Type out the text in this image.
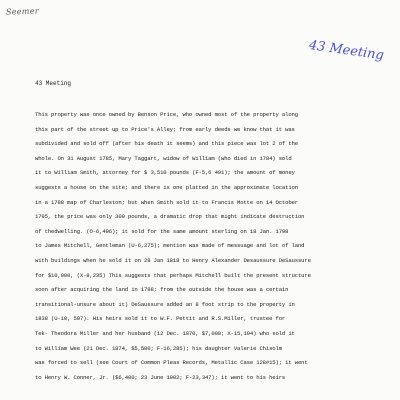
Seemer
43 Meeting
43 Meeting
This property was once owned by Benson Price, who owned most of the property along
this part of the street up to Price's Alley; from early deeds we know that it was
subdivided and sold off (after his death it seems) and this piece was lot 2 of the
whole. On 31 August 1785, Mary Taggart, widow of William (who died in 1784) sold
it to William Smith, attorney for $ 3,510 pounds (F-5,6 491); the amount of money
suggests a house on the site; and there is one platted in the approximate location
in a 1788 map of Charleston; but when Smith sold it to Francis Motte on 14 October
1795, the price was only 300 pounds, a dramatic drop that might indicate destruction
of thedwelling. (O-6,496); it sold for the same amount sterling on 18 Jan. 1798
to James Mitchell, Gentleman (U-6,275); mention was made of messuage and lot of land
with buildings when he sold it on 28 Jan 1818 to Henry Alexander Desaussure DeSaussure
for $10,000, (X-8,235) This suggests that perhaps Mitchell built the present structure
soon after acquiring the land in 1798; from the outside the house was a certain
transitional-unsure about it) DeSaussure added an 8 foot strip to the property in
1838 (U-10, 507). His heirs sold it to W.F. Pettit and R.S.Miller, trustee for
Tek- Theodora Miller and her husband (12 Dec. 1870, $7,000; X-15,194) who sold it
to William Wee (21 Dec. 1874, $5,500; F-16,285); his daughter Valerie Chisolm
was forced to sell (see Court of Common Pleas Records, Metallic Case 128#15); it went
to Henry W. Conner, Jr. ($6,400; 23 June 1902; F-23,347); it went to his heirs
